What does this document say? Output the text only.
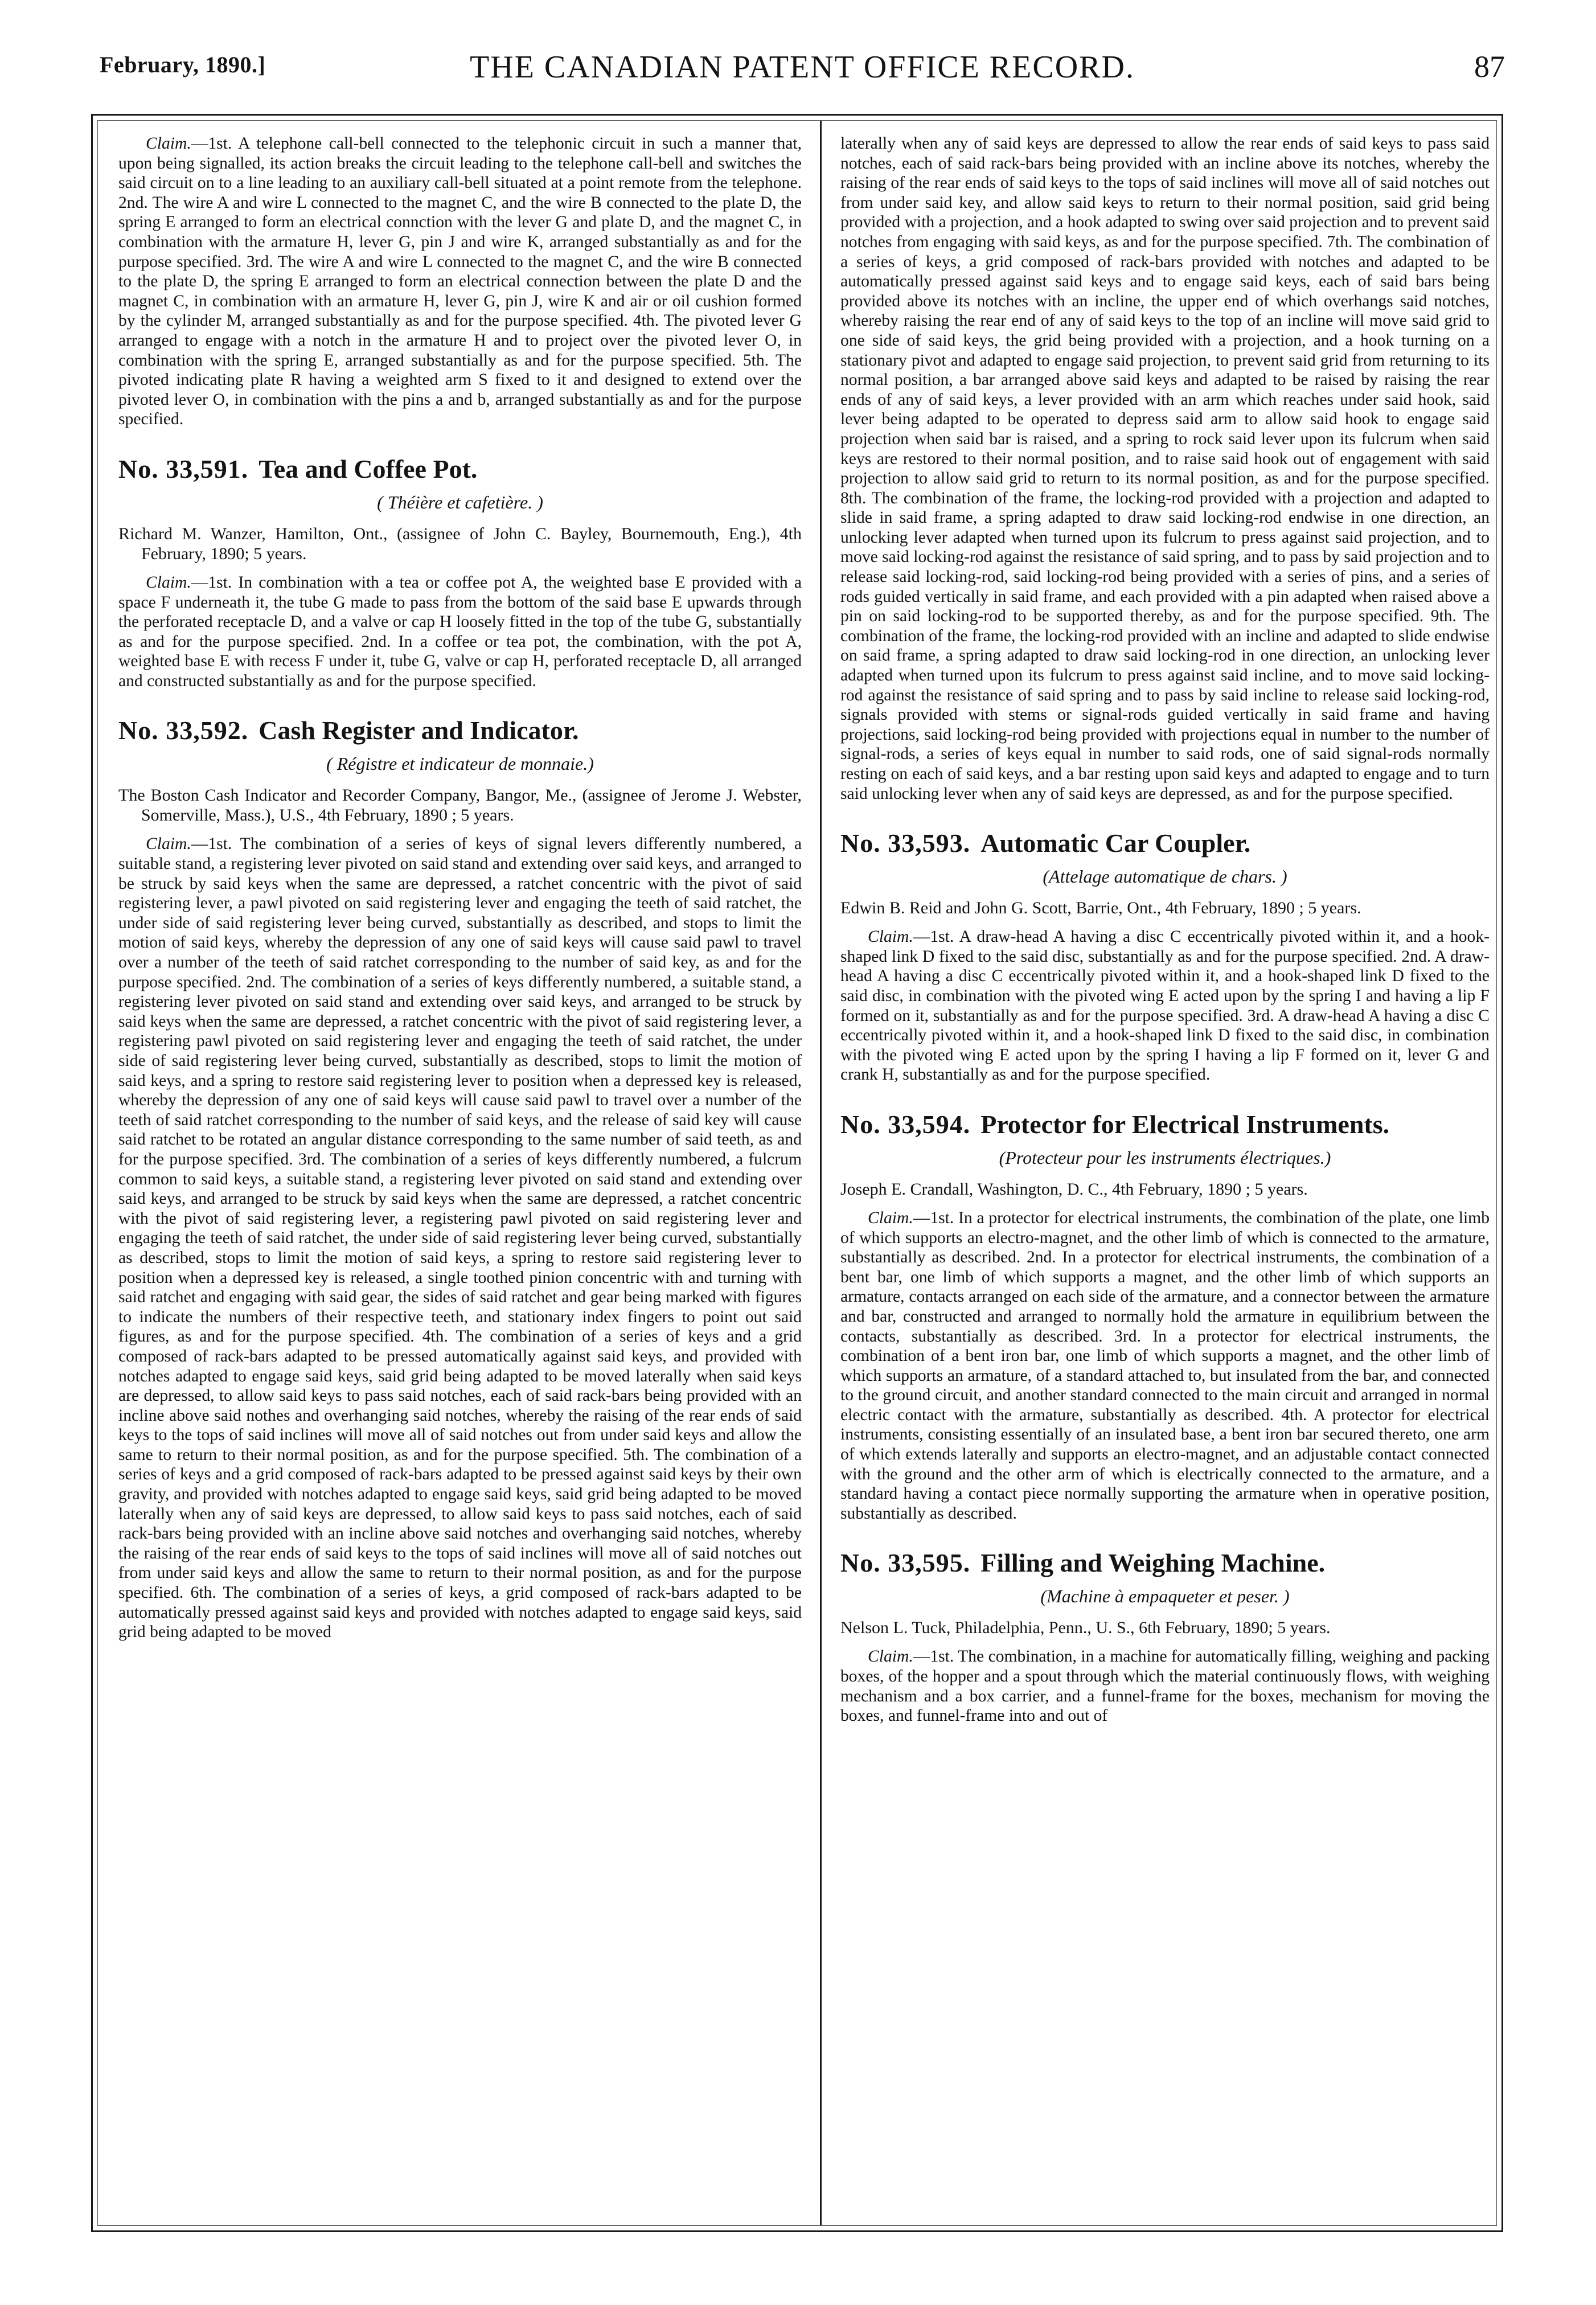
February, 1890.]	THE CANADIAN PATENT OFFICE RECORD.	87

Claim.—1st. A telephone call-bell connected to the telephonic circuit in such a manner that, upon being signalled, its action breaks the circuit leading to the telephone call-bell and switches the said circuit on to a line leading to an auxiliary call-bell situated at a point remote from the telephone. 2nd. The wire A and wire L connected to the magnet C, and the wire B connected to the plate D, the spring E arranged to form an electrical connction with the lever G and plate D, and the magnet C, in combination with the armature H, lever G, pin J and wire K, arranged substantially as and for the purpose specified. 3rd. The wire A and wire L connected to the magnet C, and the wire B connected to the plate D, the spring E arranged to form an electrical connection between the plate D and the magnet C, in combination with an armature H, lever G, pin J, wire K and air or oil cushion formed by the cylinder M, arranged substantially as and for the purpose specified. 4th. The pivoted lever G arranged to engage with a notch in the armature H and to project over the pivoted lever O, in combination with the spring E, arranged substantially as and for the purpose specified. 5th. The pivoted indicating plate R having a weighted arm S fixed to it and designed to extend over the pivoted lever O, in combination with the pins a and b, arranged substantially as and for the purpose specified.

No. 33,591. Tea and Coffee Pot.
( Théière et cafetière. )

Richard M. Wanzer, Hamilton, Ont., (assignee of John C. Bayley, Bournemouth, Eng.), 4th February, 1890; 5 years.

Claim.—1st. In combination with a tea or coffee pot A, the weighted base E provided with a space F underneath it, the tube G made to pass from the bottom of the said base E upwards through the perforated receptacle D, and a valve or cap H loosely fitted in the top of the tube G, substantially as and for the purpose specified. 2nd. In a coffee or tea pot, the combination, with the pot A, weighted base E with recess F under it, tube G, valve or cap H, perforated receptacle D, all arranged and constructed substantially as and for the purpose specified.

No. 33,592. Cash Register and Indicator.
( Régistre et indicateur de monnaie.)

The Boston Cash Indicator and Recorder Company, Bangor, Me., (assignee of Jerome J. Webster, Somerville, Mass.), U.S., 4th February, 1890 ; 5 years.

Claim.—1st. The combination of a series of keys of signal levers differently numbered, a suitable stand, a registering lever pivoted on said stand and extending over said keys, and arranged to be struck by said keys when the same are depressed, a ratchet concentric with the pivot of said registering lever, a pawl pivoted on said registering lever and engaging the teeth of said ratchet, the under side of said registering lever being curved, substantially as described, and stops to limit the motion of said keys, whereby the depression of any one of said keys will cause said pawl to travel over a number of the teeth of said ratchet corresponding to the number of said key, as and for the purpose specified. 2nd. The combination of a series of keys differently numbered, a suitable stand, a registering lever pivoted on said stand and extending over said keys, and arranged to be struck by said keys when the same are depressed, a ratchet concentric with the pivot of said registering lever, a registering pawl pivoted on said registering lever and engaging the teeth of said ratchet, the under side of said registering lever being curved, substantially as described, stops to limit the motion of said keys, and a spring to restore said registering lever to position when a depressed key is released, whereby the depression of any one of said keys will cause said pawl to travel over a number of the teeth of said ratchet corresponding to the number of said keys, and the release of said key will cause said ratchet to be rotated an angular distance corresponding to the same number of said teeth, as and for the purpose specified. 3rd. The combination of a series of keys differently numbered, a fulcrum common to said keys, a suitable stand, a registering lever pivoted on said stand and extending over said keys, and arranged to be struck by said keys when the same are depressed, a ratchet concentric with the pivot of said registering lever, a registering pawl pivoted on said registering lever and engaging the teeth of said ratchet, the under side of said registering lever being curved, substantially as described, stops to limit the motion of said keys, a spring to restore said registering lever to position when a depressed key is released, a single toothed pinion concentric with and turning with said ratchet and engaging with said gear, the sides of said ratchet and gear being marked with figures to indicate the numbers of their respective teeth, and stationary index fingers to point out said figures, as and for the purpose specified. 4th. The combination of a series of keys and a grid composed of rack-bars adapted to be pressed automatically against said keys, and provided with notches adapted to engage said keys, said grid being adapted to be moved laterally when said keys are depressed, to allow said keys to pass said notches, each of said rack-bars being provided with an incline above said nothes and overhanging said notches, whereby the raising of the rear ends of said keys to the tops of said inclines will move all of said notches out from under said keys and allow the same to return to their normal position, as and for the purpose specified. 5th. The combination of a series of keys and a grid composed of rack-bars adapted to be pressed against said keys by their own gravity, and provided with notches adapted to engage said keys, said grid being adapted to be moved laterally when any of said keys are depressed, to allow said keys to pass said notches, each of said rack-bars being provided with an incline above said notches and overhanging said notches, whereby the raising of the rear ends of said keys to the tops of said inclines will move all of said notches out from under said keys and allow the same to return to their normal position, as and for the purpose specified. 6th. The combination of a series of keys, a grid composed of rack-bars adapted to be automatically pressed against said keys and provided with notches adapted to engage said keys, said grid being adapted to be moved

laterally when any of said keys are depressed to allow the rear ends of said keys to pass said notches, each of said rack-bars being provided with an incline above its notches, whereby the raising of the rear ends of said keys to the tops of said inclines will move all of said notches out from under said key, and allow said keys to return to their normal position, said grid being provided with a projection, and a hook adapted to swing over said projection and to prevent said notches from engaging with said keys, as and for the purpose specified. 7th. The combination of a series of keys, a grid composed of rack-bars provided with notches and adapted to be automatically pressed against said keys and to engage said keys, each of said bars being provided above its notches with an incline, the upper end of which overhangs said notches, whereby raising the rear end of any of said keys to the top of an incline will move said grid to one side of said keys, the grid being provided with a projection, and a hook turning on a stationary pivot and adapted to engage said projection, to prevent said grid from returning to its normal position, a bar arranged above said keys and adapted to be raised by raising the rear ends of any of said keys, a lever provided with an arm which reaches under said hook, said lever being adapted to be operated to depress said arm to allow said hook to engage said projection when said bar is raised, and a spring to rock said lever upon its fulcrum when said keys are restored to their normal position, and to raise said hook out of engagement with said projection to allow said grid to return to its normal position, as and for the purpose specified. 8th. The combination of the frame, the locking-rod provided with a projection and adapted to slide in said frame, a spring adapted to draw said locking-rod endwise in one direction, an unlocking lever adapted when turned upon its fulcrum to press against said projection, and to move said locking-rod against the resistance of said spring, and to pass by said projection and to release said locking-rod, said locking-rod being provided with a series of pins, and a series of rods guided vertically in said frame, and each provided with a pin adapted when raised above a pin on said locking-rod to be supported thereby, as and for the purpose specified. 9th. The combination of the frame, the locking-rod provided with an incline and adapted to slide endwise on said frame, a spring adapted to draw said locking-rod in one direction, an unlocking lever adapted when turned upon its fulcrum to press against said incline, and to move said locking-rod against the resistance of said spring and to pass by said incline to release said locking-rod, signals provided with stems or signal-rods guided vertically in said frame and having projections, said locking-rod being provided with projections equal in number to the number of signal-rods, a series of keys equal in number to said rods, one of said signal-rods normally resting on each of said keys, and a bar resting upon said keys and adapted to engage and to turn said unlocking lever when any of said keys are depressed, as and for the purpose specified.

No. 33,593. Automatic Car Coupler.
(Attelage automatique de chars. )

Edwin B. Reid and John G. Scott, Barrie, Ont., 4th February, 1890 ; 5 years.

Claim.—1st. A draw-head A having a disc C eccentrically pivoted within it, and a hook-shaped link D fixed to the said disc, substantially as and for the purpose specified. 2nd. A draw-head A having a disc C eccentrically pivoted within it, and a hook-shaped link D fixed to the said disc, in combination with the pivoted wing E acted upon by the spring I and having a lip F formed on it, substantially as and for the purpose specified. 3rd. A draw-head A having a disc C eccentrically pivoted within it, and a hook-shaped link D fixed to the said disc, in combination with the pivoted wing E acted upon by the spring I having a lip F formed on it, lever G and crank H, substantially as and for the purpose specified.

No. 33,594. Protector for Electrical Instruments.
(Protecteur pour les instruments électriques.)

Joseph E. Crandall, Washington, D. C., 4th February, 1890 ; 5 years.

Claim.—1st. In a protector for electrical instruments, the combination of the plate, one limb of which supports an electro-magnet, and the other limb of which is connected to the armature, substantially as described. 2nd. In a protector for electrical instruments, the combination of a bent bar, one limb of which supports a magnet, and the other limb of which supports an armature, contacts arranged on each side of the armature, and a connector between the armature and bar, constructed and arranged to normally hold the armature in equilibrium between the contacts, substantially as described. 3rd. In a protector for electrical instruments, the combination of a bent iron bar, one limb of which supports a magnet, and the other limb of which supports an armature, of a standard attached to, but insulated from the bar, and connected to the ground circuit, and another standard connected to the main circuit and arranged in normal electric contact with the armature, substantially as described. 4th. A protector for electrical instruments, consisting essentially of an insulated base, a bent iron bar secured thereto, one arm of which extends laterally and supports an electro-magnet, and an adjustable contact connected with the ground and the other arm of which is electrically connected to the armature, and a standard having a contact piece normally supporting the armature when in operative position, substantially as described.

No. 33,595. Filling and Weighing Machine.
(Machine à empaqueter et peser. )

Nelson L. Tuck, Philadelphia, Penn., U. S., 6th February, 1890; 5 years.

Claim.—1st. The combination, in a machine for automatically filling, weighing and packing boxes, of the hopper and a spout through which the material continuously flows, with weighing mechanism and a box carrier, and a funnel-frame for the boxes, mechanism for moving the boxes, and funnel-frame into and out of
